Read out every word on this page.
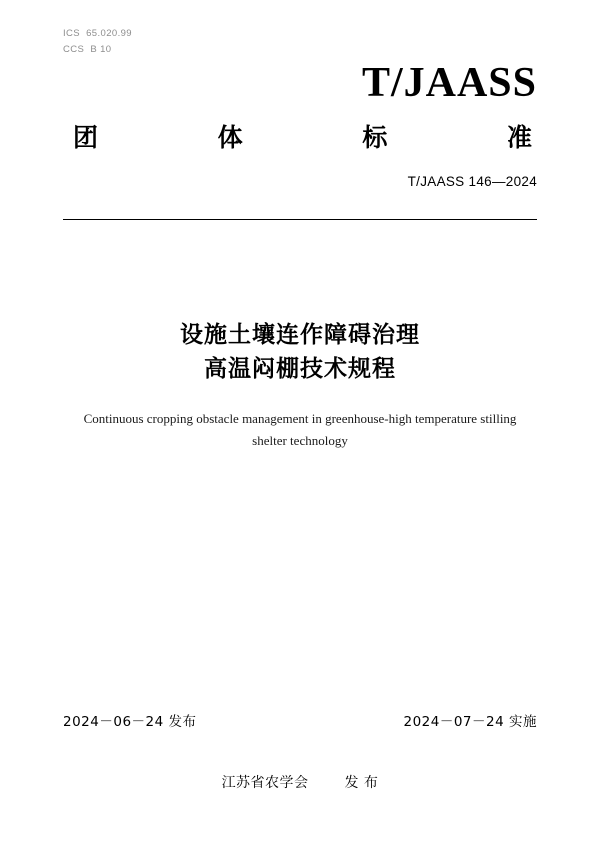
ICS  65.020.99
CCS  B 10
T/JAASS
团	体	标	准
T/JAASS 146—2024
设施土壤连作障碍治理
高温闷棚技术规程
Continuous cropping obstacle management in greenhouse-high temperature stilling shelter technology
2024－06－24 发布	2024－07－24 实施
江苏省农学会	发 布
